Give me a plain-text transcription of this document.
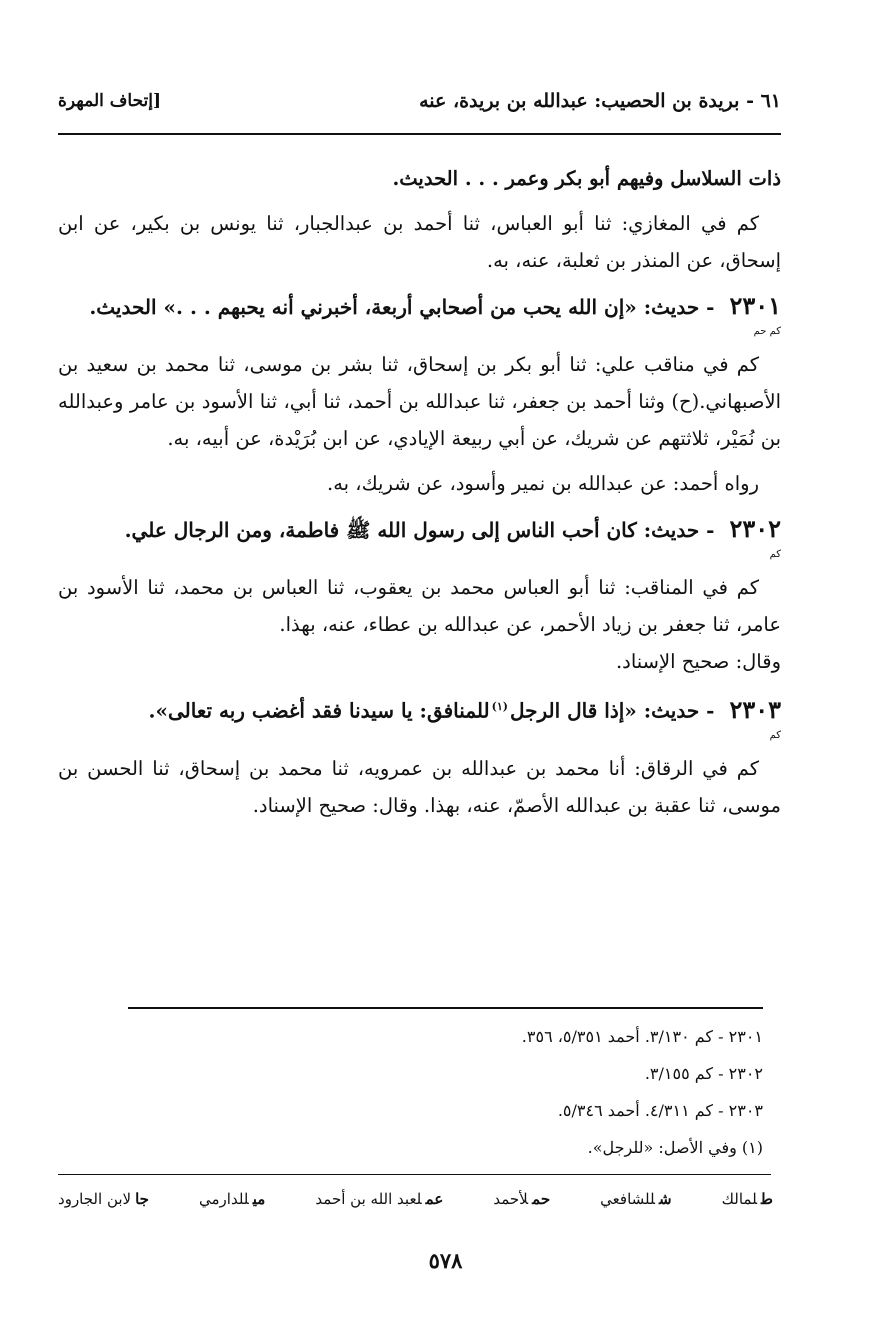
٦١ - بريدة بن الحصيب: عبدالله بن بريدة، عنه
[إتحاف المهرة

ذات السلاسل وفيهم أبو بكر وعمر . . . الحديث.

كم في المغازي: ثنا أبو العباس، ثنا أحمد بن عبدالجبار، ثنا يونس بن بكير، عن ابن إسحاق، عن المنذر بن ثعلبة، عنه، به.

٢٣٠١ - حديث: «إن الله يحب من أصحابي أربعة، أخبرني أنه يحبهم . . .» الحديث.
كم حم

كم في مناقب علي: ثنا أبو بكر بن إسحاق، ثنا بشر بن موسى، ثنا محمد بن سعيد بن الأصبهاني.(ح) وثنا أحمد بن جعفر، ثنا عبدالله بن أحمد، ثنا أبي، ثنا الأسود بن عامر وعبدالله بن نُمَيْر، ثلاثتهم عن شريك، عن أبي ربيعة الإيادي، عن ابن بُرَيْدة، عن أبيه، به.

رواه أحمد: عن عبدالله بن نمير وأسود، عن شريك، به.

٢٣٠٢ - حديث: كان أحب الناس إلى رسول الله ﷺ فاطمة، ومن الرجال علي.
كم

كم في المناقب: ثنا أبو العباس محمد بن يعقوب، ثنا العباس بن محمد، ثنا الأسود بن عامر، ثنا جعفر بن زياد الأحمر، عن عبدالله بن عطاء، عنه، بهذا.

وقال: صحيح الإسناد.

٢٣٠٣ - حديث: «إذا قال الرجل$^{(١)}$للمنافق: يا سيدنا فقد أغضب ربه تعالى».
كم

كم في الرقاق: أنا محمد بن عبدالله بن عمرويه، ثنا محمد بن إسحاق، ثنا الحسن بن موسى، ثنا عقبة بن عبدالله الأصمّ، عنه، بهذا. وقال: صحيح الإسناد.

٢٣٠١ - كم ٣/١٣٠. أحمد ٥/٣٥١، ٣٥٦.
٢٣٠٢ - كم ٣/١٥٥.
٢٣٠٣ - كم ٤/٣١١. أحمد ٥/٣٤٦.
(١) وفي الأصل: «للرجل».
طلمالك
شللشافعي
حملأحمد
عملعبد الله بن أحمد
ميللدارمي
جالابن الجارود
٥٧٨
